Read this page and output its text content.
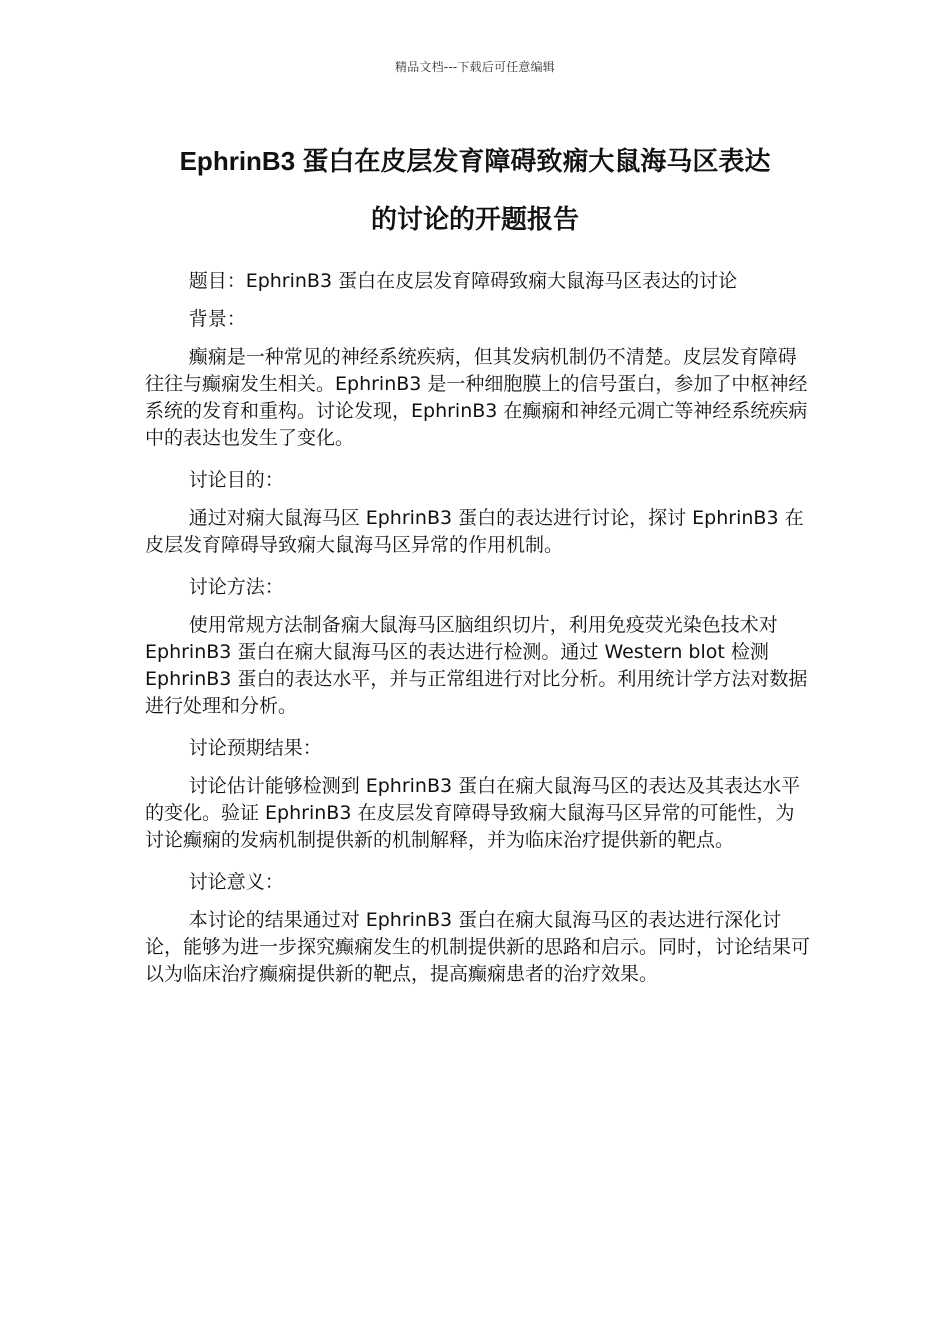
精品文档---下载后可任意编辑
EphrinB3 蛋白在皮层发育障碍致痫大鼠海马区表达
的讨论的开题报告

题目：EphrinB3 蛋白在皮层发育障碍致痫大鼠海马区表达的讨论

背景：

癫痫是一种常见的神经系统疾病，但其发病机制仍不清楚。皮层发育障碍往往与癫痫发生相关。EphrinB3 是一种细胞膜上的信号蛋白，参加了中枢神经系统的发育和重构。讨论发现，EphrinB3 在癫痫和神经元凋亡等神经系统疾病中的表达也发生了变化。

讨论目的：

通过对痫大鼠海马区 EphrinB3 蛋白的表达进行讨论，探讨 EphrinB3 在皮层发育障碍导致痫大鼠海马区异常的作用机制。

讨论方法：

使用常规方法制备痫大鼠海马区脑组织切片，利用免疫荧光染色技术对 EphrinB3 蛋白在痫大鼠海马区的表达进行检测。通过 Western blot 检测 EphrinB3 蛋白的表达水平，并与正常组进行对比分析。利用统计学方法对数据进行处理和分析。

讨论预期结果：

讨论估计能够检测到 EphrinB3 蛋白在痫大鼠海马区的表达及其表达水平的变化。验证 EphrinB3 在皮层发育障碍导致痫大鼠海马区异常的可能性，为讨论癫痫的发病机制提供新的机制解释，并为临床治疗提供新的靶点。

讨论意义：

本讨论的结果通过对 EphrinB3 蛋白在痫大鼠海马区的表达进行深化讨论，能够为进一步探究癫痫发生的机制提供新的思路和启示。同时，讨论结果可以为临床治疗癫痫提供新的靶点，提高癫痫患者的治疗效果。
